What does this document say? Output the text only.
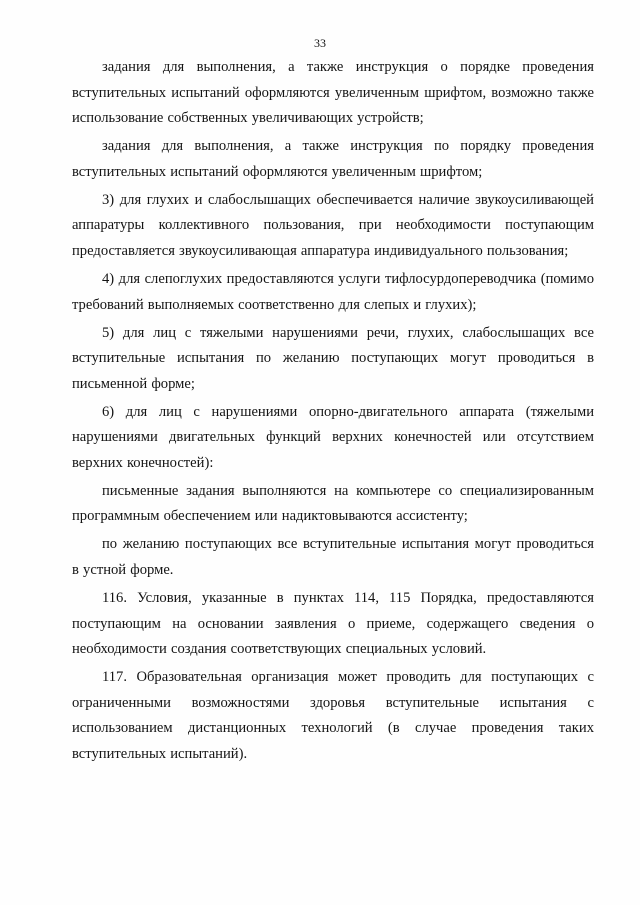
33

задания для выполнения, а также инструкция о порядке проведения вступительных испытаний оформляются увеличенным шрифтом, возможно также использование собственных увеличивающих устройств;

задания для выполнения, а также инструкция по порядку проведения вступительных испытаний оформляются увеличенным шрифтом;

3) для глухих и слабослышащих обеспечивается наличие звукоусиливающей аппаратуры коллективного пользования, при необходимости поступающим предоставляется звукоусиливающая аппаратура индивидуального пользования;

4) для слепоглухих предоставляются услуги тифлосурдопереводчика (помимо требований выполняемых соответственно для слепых и глухих);

5) для лиц с тяжелыми нарушениями речи, глухих, слабослышащих все вступительные испытания по желанию поступающих могут проводиться в письменной форме;

6) для лиц с нарушениями опорно-двигательного аппарата (тяжелыми нарушениями двигательных функций верхних конечностей или отсутствием верхних конечностей):

письменные задания выполняются на компьютере со специализированным программным обеспечением или надиктовываются ассистенту;

по желанию поступающих все вступительные испытания могут проводиться в устной форме.

116. Условия, указанные в пунктах 114, 115 Порядка, предоставляются поступающим на основании заявления о приеме, содержащего сведения о необходимости создания соответствующих специальных условий.

117. Образовательная организация может проводить для поступающих с ограниченными возможностями здоровья вступительные испытания с использованием дистанционных технологий (в случае проведения таких вступительных испытаний).
